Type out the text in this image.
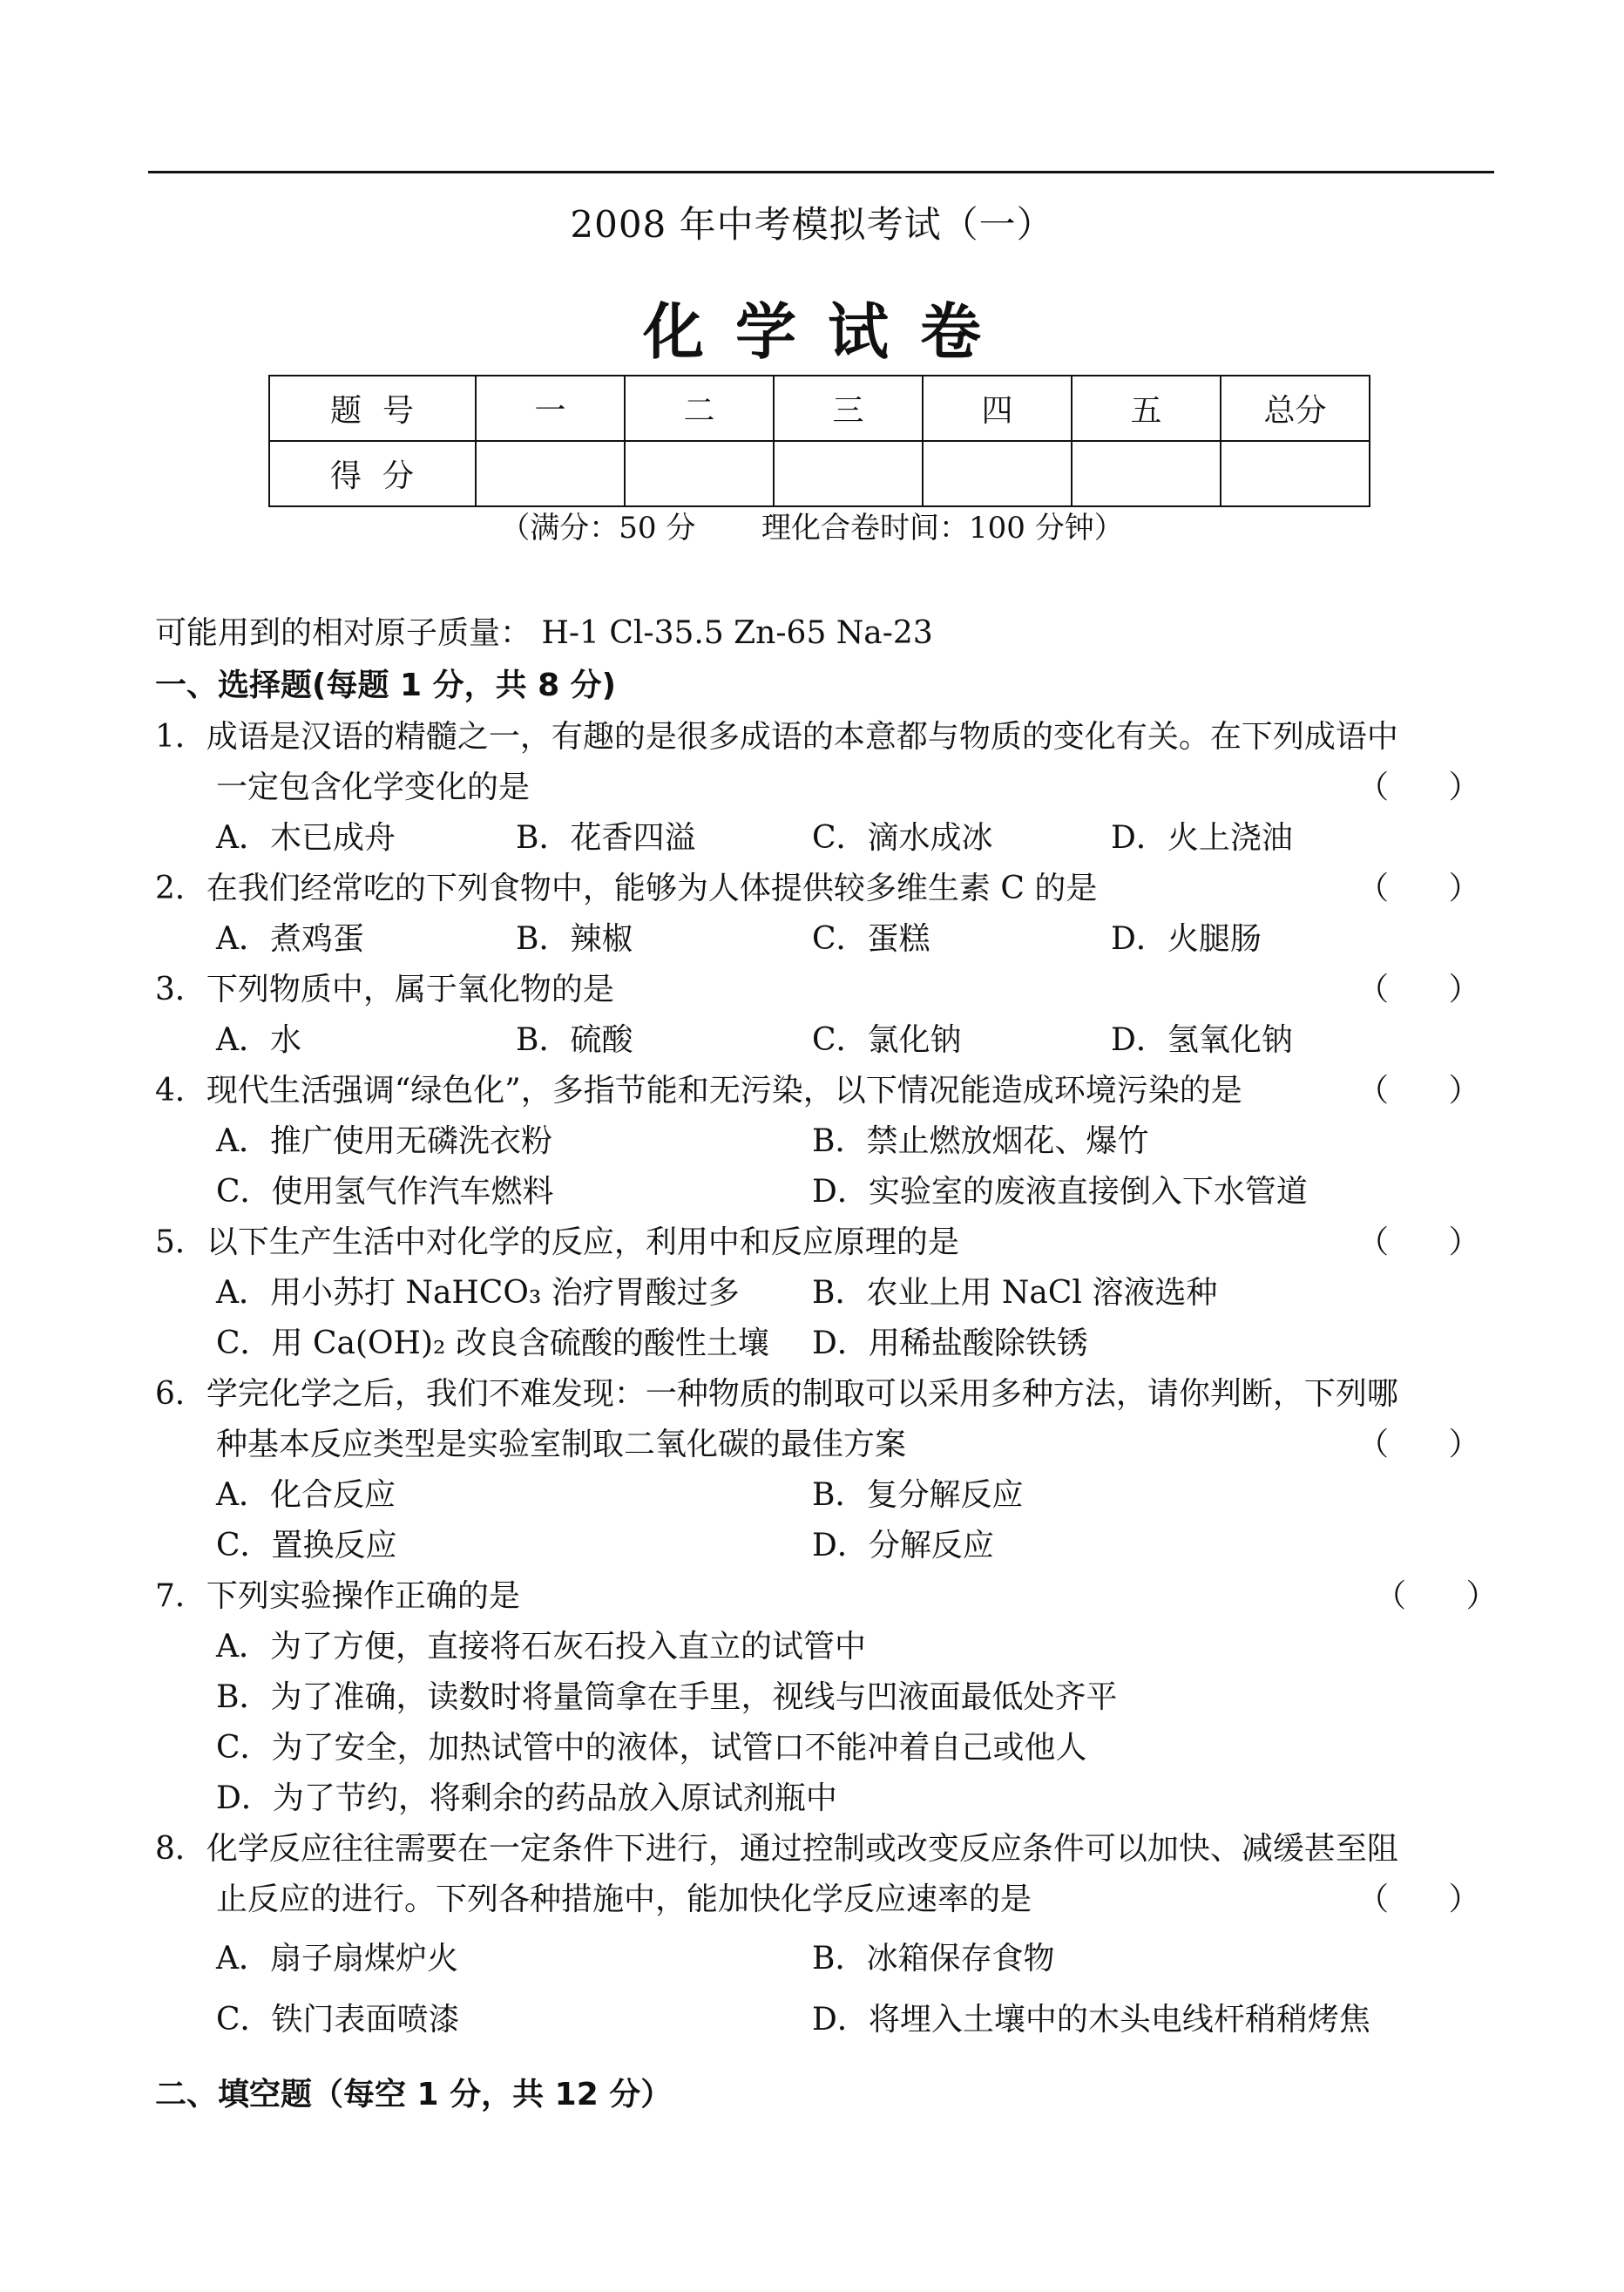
2008 年中考模拟考试（一）
化 学 试 卷
题号	一	二	三	四	五	总分
得分						
（满分：50 分       理化合卷时间：100 分钟）
可能用到的相对原子质量： H-1 Cl-35.5 Zn-65 Na-23
一、选择题(每题 1 分，共 8 分)
1．成语是汉语的精髓之一，有趣的是很多成语的本意都与物质的变化有关。在下列成语中
一定包含化学变化的是	（      ）
A．木已成舟	B．花香四溢	C．滴水成冰	D．火上浇油
2．在我们经常吃的下列食物中，能够为人体提供较多维生素 C 的是	（      ）
A．煮鸡蛋	B．辣椒	C．蛋糕	D．火腿肠
3．下列物质中，属于氧化物的是	（      ）
A．水	B．硫酸	C．氯化钠	D．氢氧化钠
4．现代生活强调“绿色化”，多指节能和无污染，以下情况能造成环境污染的是	（      ）
A．推广使用无磷洗衣粉	B．禁止燃放烟花、爆竹
C．使用氢气作汽车燃料	D．实验室的废液直接倒入下水管道
5．以下生产生活中对化学的反应，利用中和反应原理的是	（      ）
A．用小苏打 NaHCO₃ 治疗胃酸过多 B．农业上用 NaCl 溶液选种
C．用 Ca(OH)₂ 改良含硫酸的酸性土壤 D．用稀盐酸除铁锈
6．学完化学之后，我们不难发现：一种物质的制取可以采用多种方法，请你判断，下列哪
种基本反应类型是实验室制取二氧化碳的最佳方案	（      ）
A．化合反应	B．复分解反应
C．置换反应	D．分解反应
7．下列实验操作正确的是	（      ）
A．为了方便，直接将石灰石投入直立的试管中
B．为了准确，读数时将量筒拿在手里，视线与凹液面最低处齐平
C．为了安全，加热试管中的液体，试管口不能冲着自己或他人
D．为了节约，将剩余的药品放入原试剂瓶中
8．化学反应往往需要在一定条件下进行，通过控制或改变反应条件可以加快、减缓甚至阻
止反应的进行。下列各种措施中，能加快化学反应速率的是	（      ）
A．扇子扇煤炉火	B．冰箱保存食物
C．铁门表面喷漆	D．将埋入土壤中的木头电线杆稍稍烤焦
二、填空题（每空 1 分，共 12 分）
